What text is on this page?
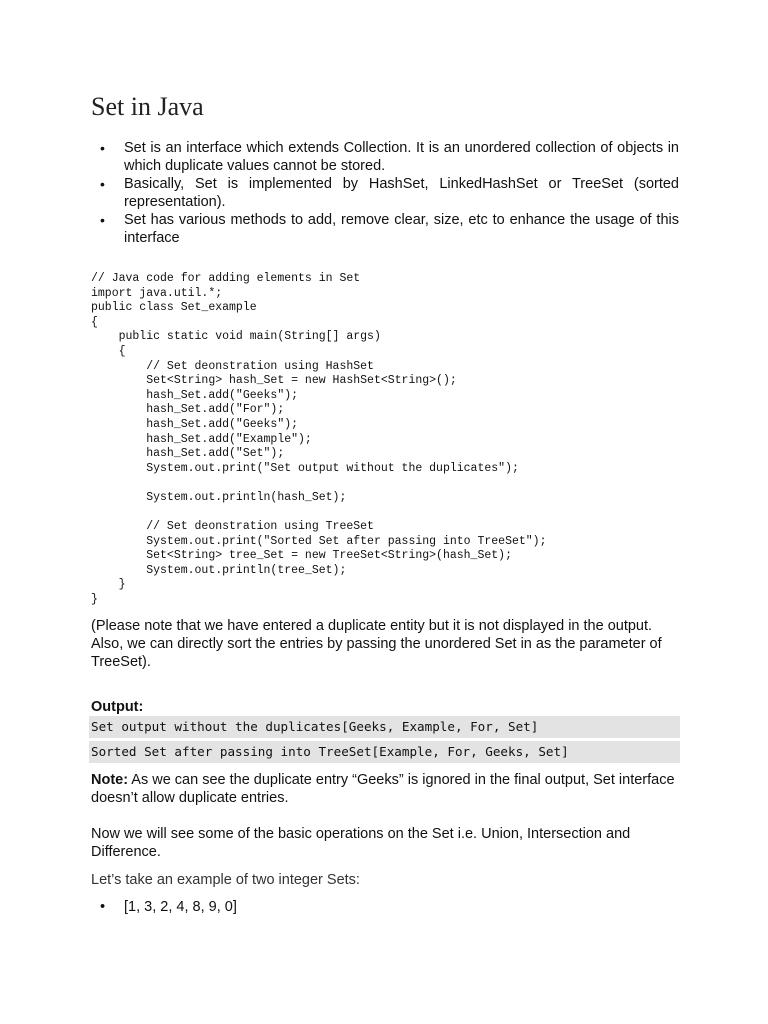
Set in Java
• Set is an interface which extends Collection. It is an unordered collection of objects in which duplicate values cannot be stored.
• Basically, Set is implemented by HashSet, LinkedHashSet or TreeSet (sorted representation).
• Set has various methods to add, remove clear, size, etc to enhance the usage of this interface
// Java code for adding elements in Set
import java.util.*;
public class Set_example
{
public static void main(String[] args)
{
// Set deonstration using HashSet
Set<String> hash_Set = new HashSet<String>();
hash_Set.add("Geeks");
hash_Set.add("For");
hash_Set.add("Geeks");
hash_Set.add("Example");
hash_Set.add("Set");
System.out.print("Set output without the duplicates");

System.out.println(hash_Set);

// Set deonstration using TreeSet
System.out.print("Sorted Set after passing into TreeSet");
Set<String> tree_Set = new TreeSet<String>(hash_Set);
System.out.println(tree_Set);
}
}

(Please note that we have entered a duplicate entity but it is not displayed in the output. Also, we can directly sort the entries by passing the unordered Set in as the parameter of TreeSet).

Output:

Set output without the duplicates[Geeks, Example, For, Set]
Sorted Set after passing into TreeSet[Example, For, Geeks, Set]

Note: As we can see the duplicate entry “Geeks” is ignored in the final output, Set interface doesn’t allow duplicate entries.

Now we will see some of the basic operations on the Set i.e. Union, Intersection and Difference.

Let’s take an example of two integer Sets:

• [1, 3, 2, 4, 8, 9, 0]
